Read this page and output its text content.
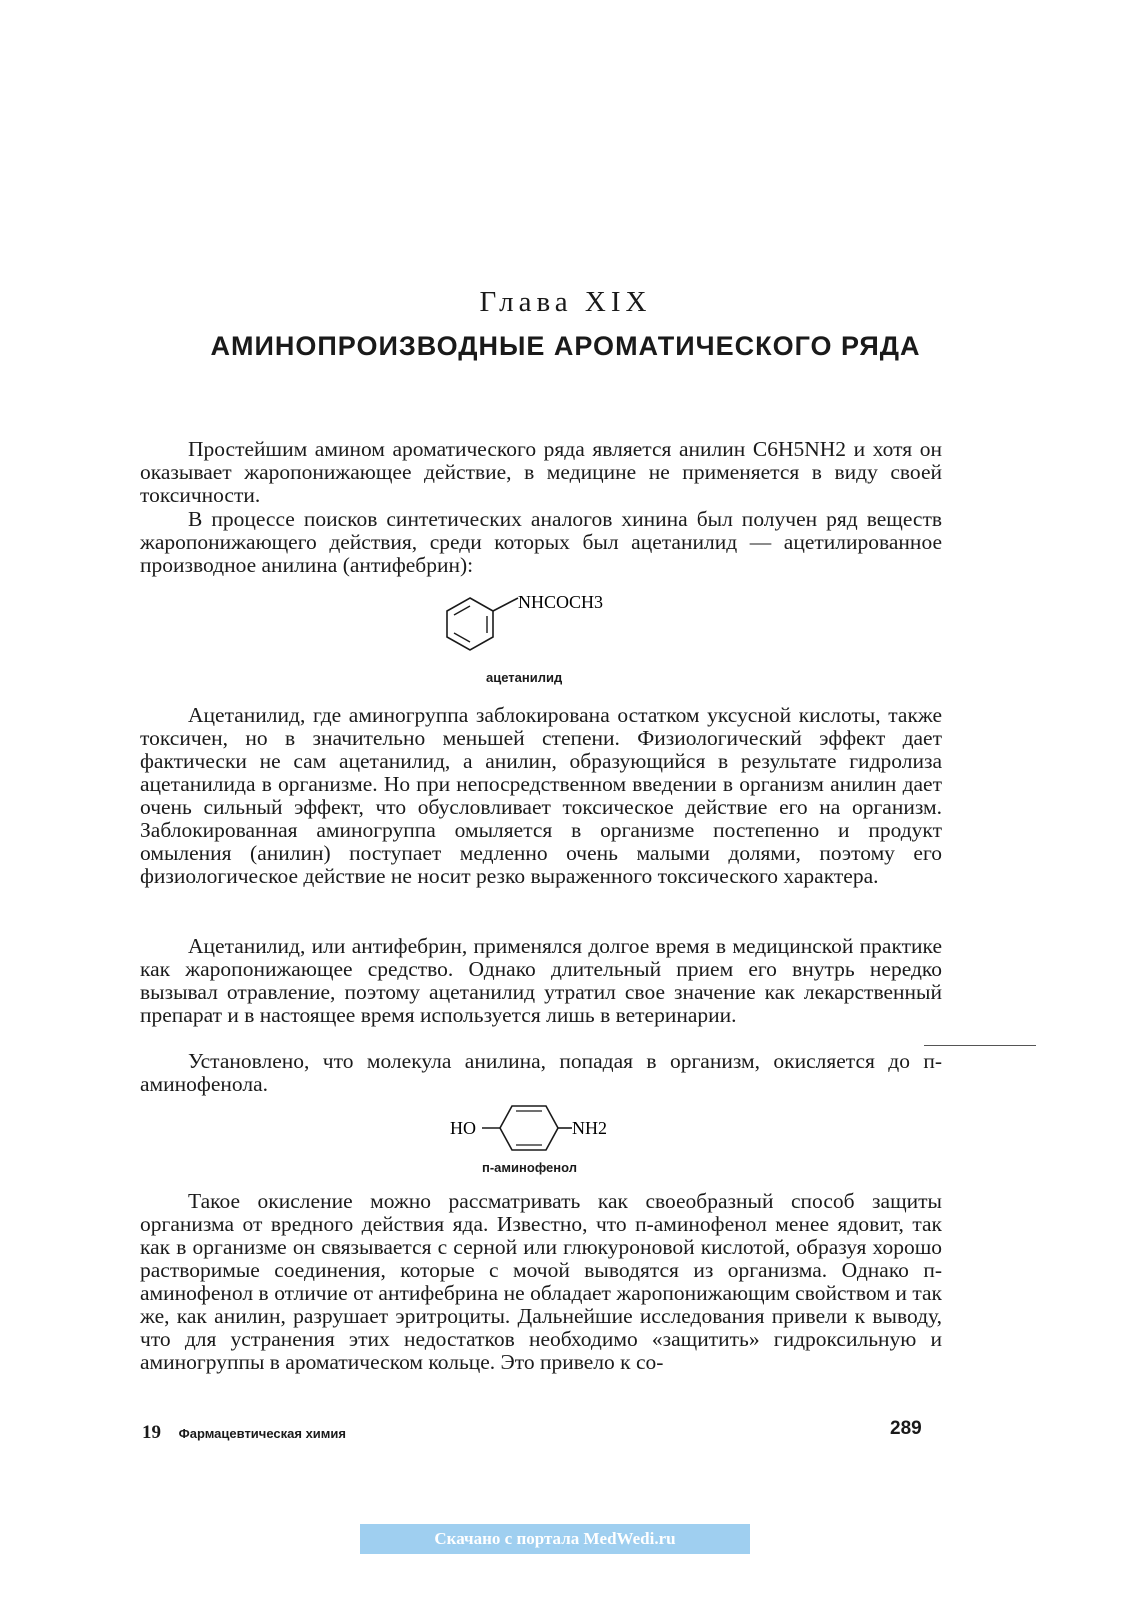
Глава XIX
АМИНОПРОИЗВОДНЫЕ АРОМАТИЧЕСКОГО РЯДА

Простейшим амином ароматического ряда является анилин C6H5NH2 и хотя он оказывает жаропонижающее действие, в медицине не применяется в виду своей токсичности.

В процессе поисков синтетических аналогов хинина был получен ряд веществ жаропонижающего действия, среди которых был ацетанилид — ацетилированное производное анилина (антифебрин):

NHCOCH3
ацетанилид

Ацетанилид, где аминогруппа заблокирована остатком уксусной кислоты, также токсичен, но в значительно меньшей степени. Физиологический эффект дает фактически не сам ацетанилид, а анилин, образующийся в результате гидролиза ацетанилида в организме. Но при непосредственном введении в организм анилин дает очень сильный эффект, что обусловливает токсическое действие его на организм. Заблокированная аминогруппа омыляется в организме постепенно и продукт омыления (анилин) поступает медленно очень малыми долями, поэтому его физиологическое действие не носит резко выраженного токсического характера.

Ацетанилид, или антифебрин, применялся долгое время в медицинской практике как жаропонижающее средство. Однако длительный прием его внутрь нередко вызывал отравление, поэтому ацетанилид утратил свое значение как лекарственный препарат и в настоящее время используется лишь в ветеринарии.

Установлено, что молекула анилина, попадая в организм, окисляется до п-аминофенола.

HO	NH2
п-аминофенол

Такое окисление можно рассматривать как своеобразный способ защиты организма от вредного действия яда. Известно, что п-аминофенол менее ядовит, так как в организме он связывается с серной или глюкуроновой кислотой, образуя хорошо растворимые соединения, которые с мочой выводятся из организма. Однако п-аминофенол в отличие от антифебрина не обладает жаропонижающим свойством и так же, как анилин, разрушает эритроциты. Дальнейшие исследования привели к выводу, что для устранения этих недостатков необходимо «защитить» гидроксильную и аминогруппы в ароматическом кольце. Это привело к со-

19 Фармацевтическая химия	289
Скачано с портала MedWedi.ru
